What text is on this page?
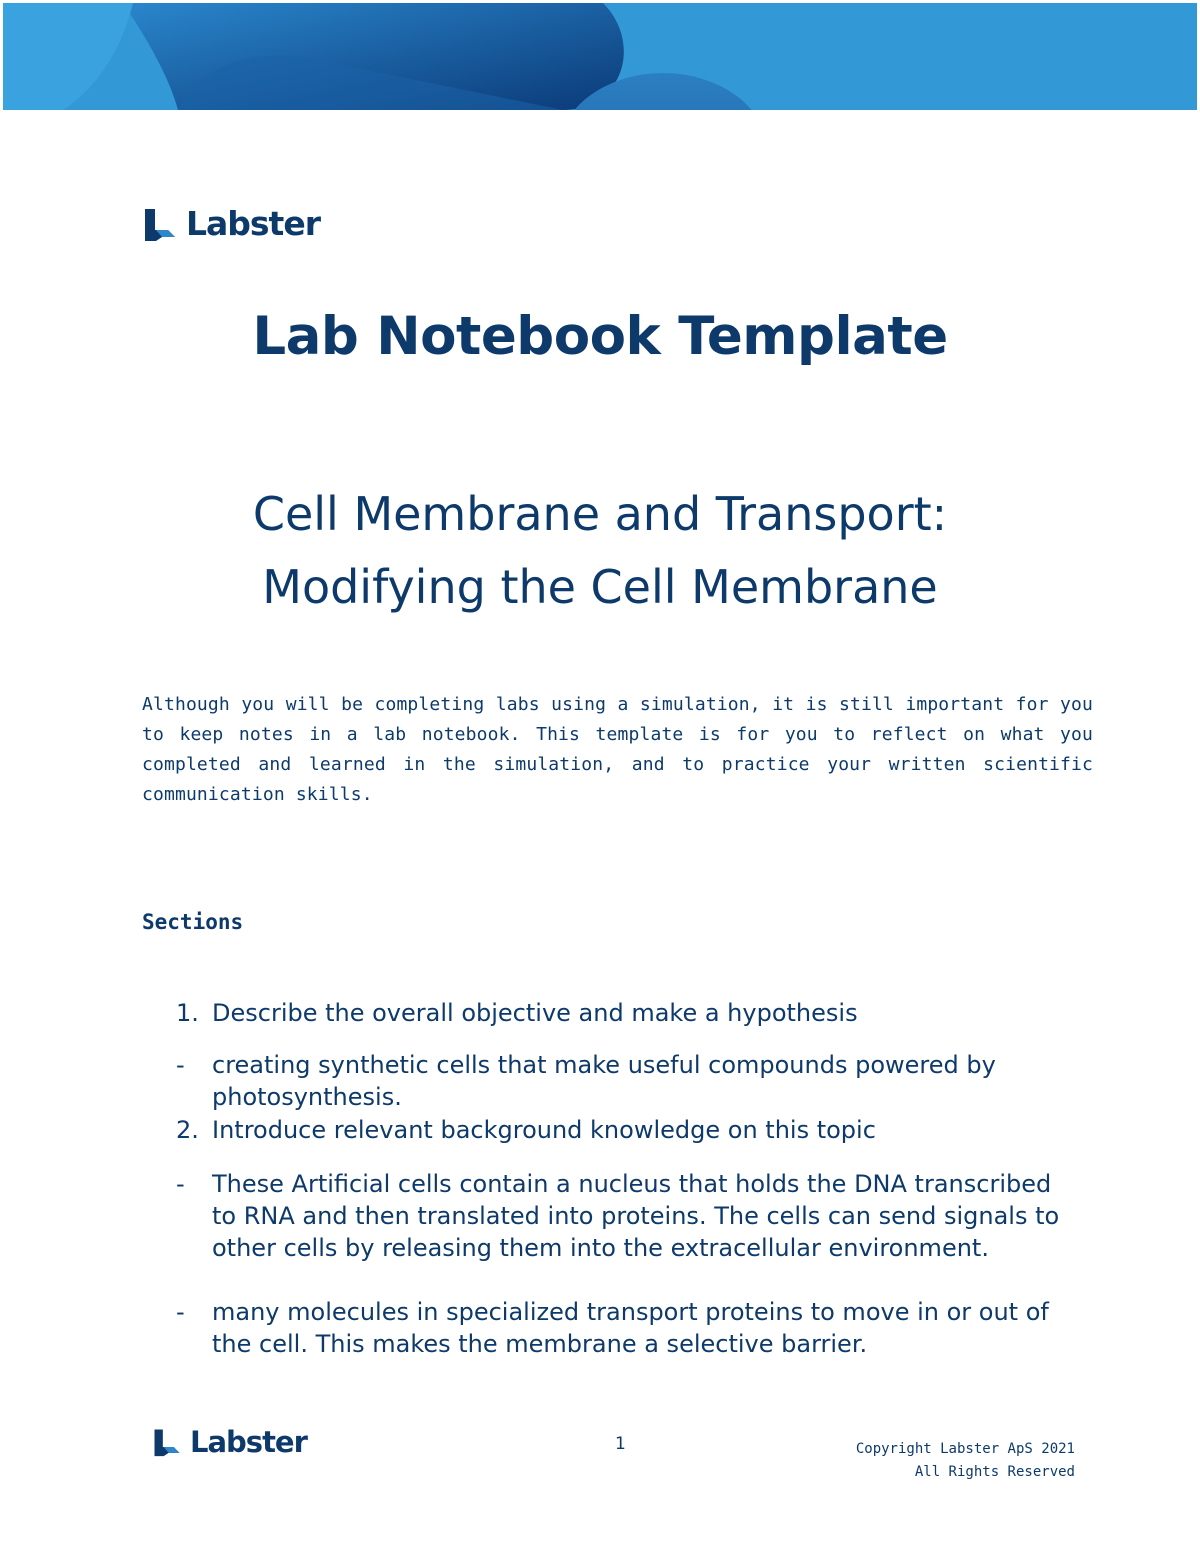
Labster
Lab Notebook Template
Cell Membrane and Transport:
Modifying the Cell Membrane
Although you will be completing labs using a simulation, it is still important for you to keep notes in a lab notebook. This template is for you to reflect on what you completed and learned in the simulation, and to practice your written scientific communication skills.
Sections
1. Describe the overall objective and make a hypothesis
- creating synthetic cells that make useful compounds powered by photosynthesis.
2. Introduce relevant background knowledge on this topic
- These Artificial cells contain a nucleus that holds the DNA transcribed to RNA and then translated into proteins. The cells can send signals to other cells by releasing them into the extracellular environment.
- many molecules in specialized transport proteins to move in or out of the cell. This makes the membrane a selective barrier.
Labster	1	Copyright Labster ApS 2021
All Rights Reserved
